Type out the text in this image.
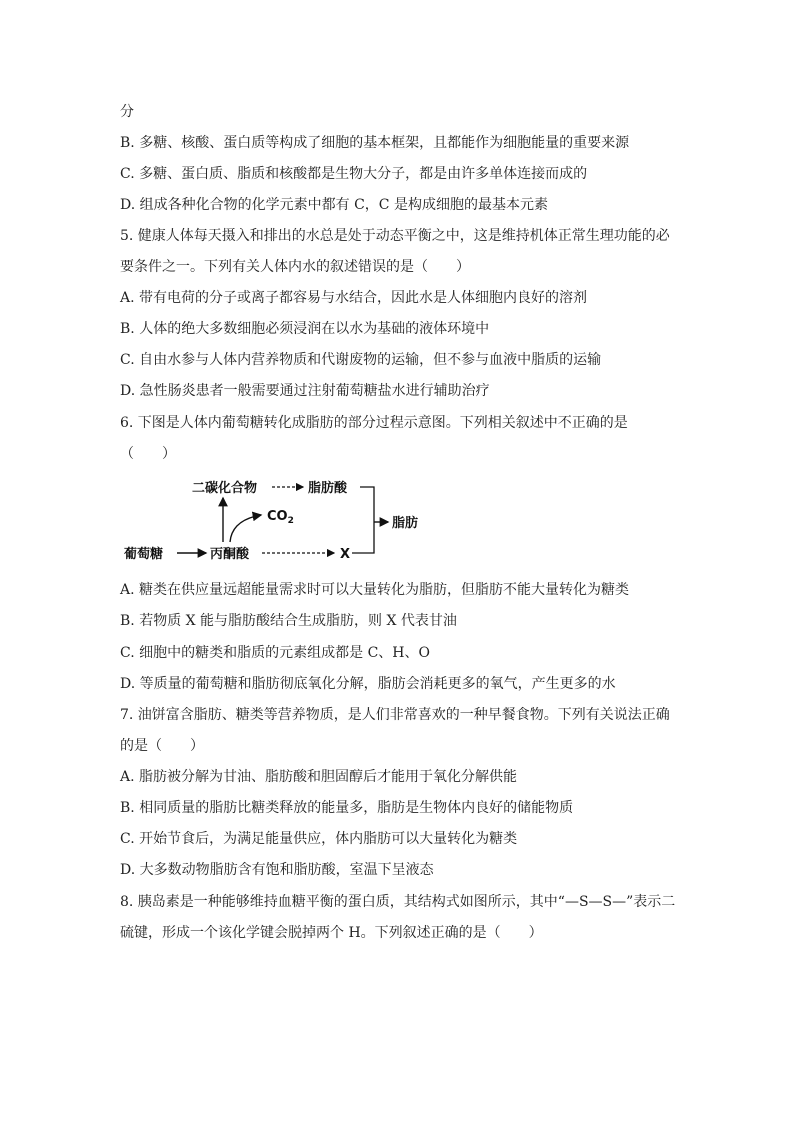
分
B. 多糖、核酸、蛋白质等构成了细胞的基本框架，且都能作为细胞能量的重要来源
C. 多糖、蛋白质、脂质和核酸都是生物大分子，都是由许多单体连接而成的
D. 组成各种化合物的化学元素中都有 C，C 是构成细胞的最基本元素
5. 健康人体每天摄入和排出的水总是处于动态平衡之中，这是维持机体正常生理功能的必
要条件之一。下列有关人体内水的叙述错误的是（　　）
A. 带有电荷的分子或离子都容易与水结合，因此水是人体细胞内良好的溶剂
B. 人体的绝大多数细胞必须浸润在以水为基础的液体环境中
C. 自由水参与人体内营养物质和代谢废物的运输，但不参与血液中脂质的运输
D. 急性肠炎患者一般需要通过注射葡萄糖盐水进行辅助治疗
6. 下图是人体内葡萄糖转化成脂肪的部分过程示意图。下列相关叙述中不正确的是
（　　）
二碳化合物	脂肪酸
$CO_2$	脂肪
葡萄糖	丙酮酸	X
A. 糖类在供应量远超能量需求时可以大量转化为脂肪，但脂肪不能大量转化为糖类
B. 若物质 X 能与脂肪酸结合生成脂肪，则 X 代表甘油
C. 细胞中的糖类和脂质的元素组成都是 C、H、O
D. 等质量的葡萄糖和脂肪彻底氧化分解，脂肪会消耗更多的氧气，产生更多的水
7. 油饼富含脂肪、糖类等营养物质，是人们非常喜欢的一种早餐食物。下列有关说法正确
的是（　　）
A. 脂肪被分解为甘油、脂肪酸和胆固醇后才能用于氧化分解供能
B. 相同质量的脂肪比糖类释放的能量多，脂肪是生物体内良好的储能物质
C. 开始节食后，为满足能量供应，体内脂肪可以大量转化为糖类
D. 大多数动物脂肪含有饱和脂肪酸，室温下呈液态
8. 胰岛素是一种能够维持血糖平衡的蛋白质，其结构式如图所示，其中“—S—S—”表示二
硫键，形成一个该化学键会脱掉两个 H。下列叙述正确的是（　　）
